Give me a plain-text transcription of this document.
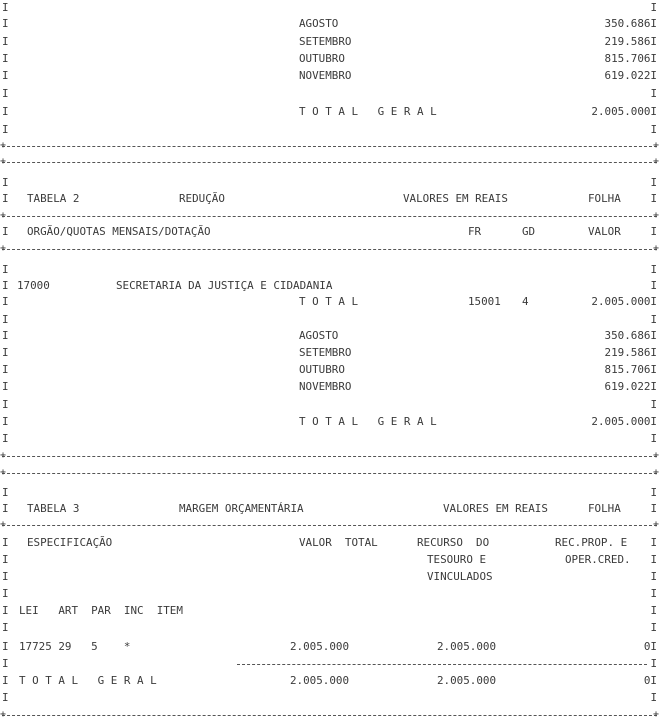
I	I
I	AGOSTO	350.686I
I	SETEMBRO	219.586I
I	OUTUBRO	815.706I
I	NOVEMBRO	619.022I
I	I
I	T O T A L   G E R A L	2.005.000I
I	I
+	+
+	+
I	I
I TABELA 2	REDUÇÃO	VALORES EM REAIS	FOLHA	I
+	+
I ORGÃO/QUOTAS MENSAIS/DOTAÇÃO	FR	GD	VALOR	I
+	+
I	I
I 17000	SECRETARIA DA JUSTIÇA E CIDADANIA	I
I	T O T A L	15001 4	2.005.000I
I	I
I	AGOSTO	350.686I
I	SETEMBRO	219.586I
I	OUTUBRO	815.706I
I	NOVEMBRO	619.022I
I	I
I	T O T A L   G E R A L	2.005.000I
I	I
+	+
+	+
I	I
I TABELA 3	MARGEM ORÇAMENTÁRIA	VALORES EM REAIS	FOLHA	I
+	+
I ESPECIFICAÇÃO	VALOR  TOTAL	RECURSO  DO	REC.PROP. E I
I	TESOURO E	OPER.CRED. I
I	VINCULADOS	I
I	I
I LEI   ART  PAR  INC  ITEM	I
I	I
I 17725 29   5    *	2.005.000	2.005.000	0I
I	I
I T O T A L   G E R A L	2.005.000	2.005.000	0I
I	I
+	+
